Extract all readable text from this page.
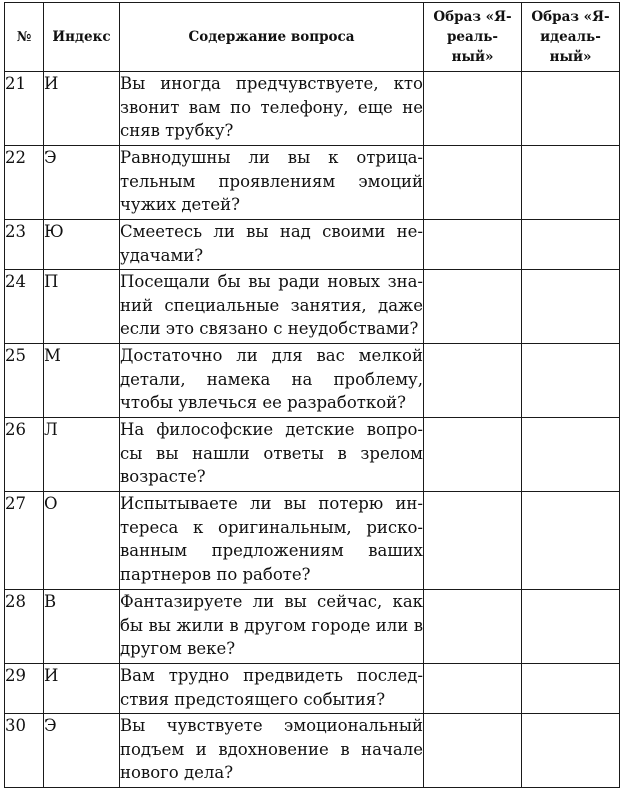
№	Индекс	Содержание вопроса	Образ «Я-реаль- ный»	Образ «Я-идеаль- ный»
21	И	Вы иногда предчувствуете, кто звонит вам по телефону, еще не сняв трубку?		
22	Э	Равнодушны ли вы к отрица- тельным проявлениям эмоций чужих детей?		
23	Ю	Смеетесь ли вы над своими не- удачами?		
24	П	Посещали бы вы ради новых зна- ний специальные занятия, даже если это связано с неудобствами?		
25	М	Достаточно ли для вас мелкой детали, намека на проблему, чтобы увлечься ее разработкой?		
26	Л	На философские детские вопро- сы вы нашли ответы в зрелом возрасте?		
27	О	Испытываете ли вы потерю ин- тереса к оригинальным, риско- ванным предложениям ваших партнеров по работе?		
28	В	Фантазируете ли вы сейчас, как бы вы жили в другом городе или в другом веке?		
29	И	Вам трудно предвидеть послед- ствия предстоящего события?		
30	Э	Вы чувствуете эмоциональный подъем и вдохновение в начале нового дела?		
